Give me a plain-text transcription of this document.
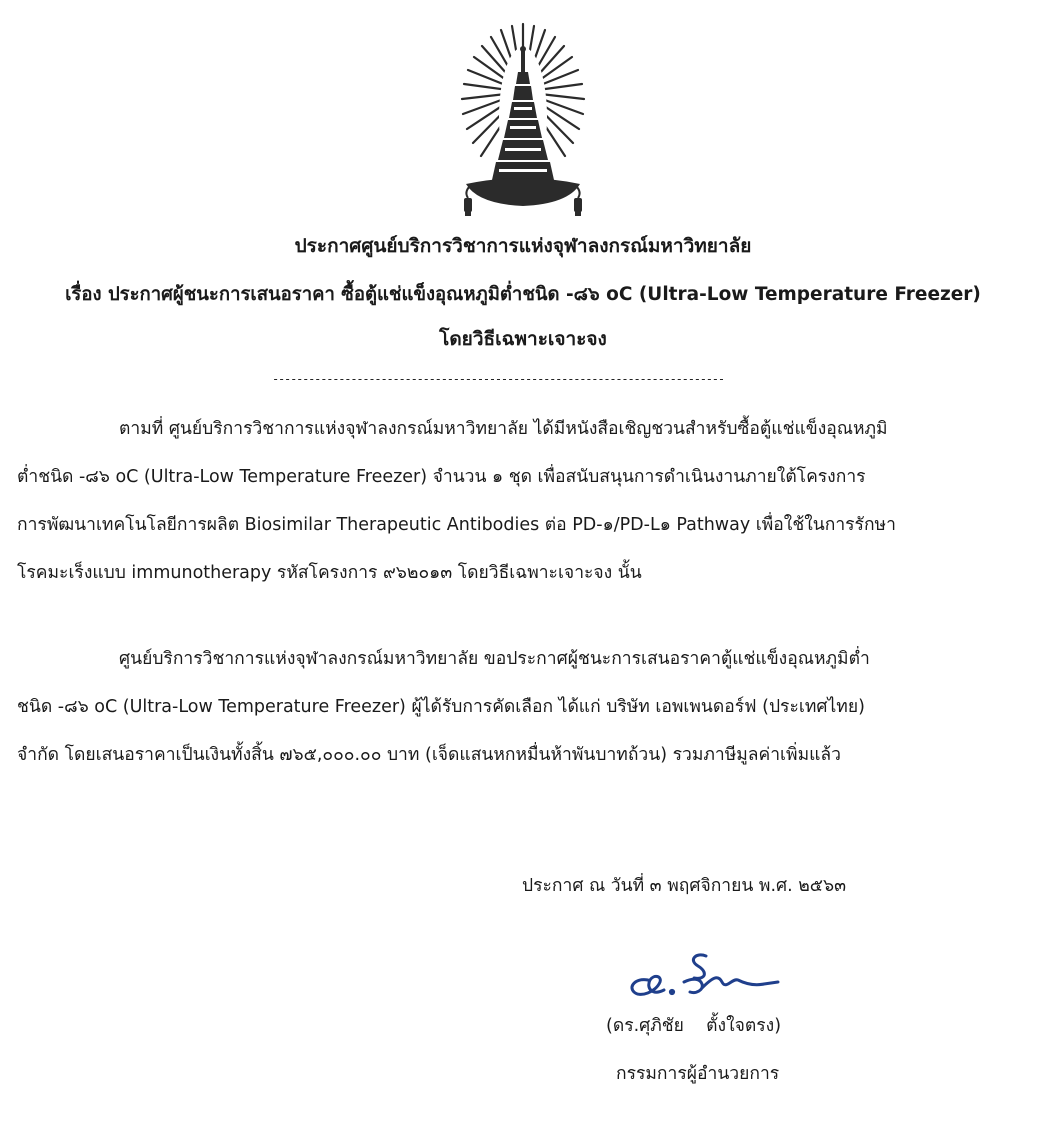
ประกาศศูนย์บริการวิชาการแห่งจุฬาลงกรณ์มหาวิทยาลัย
เรื่อง ประกาศผู้ชนะการเสนอราคา ซื้อตู้แช่แข็งอุณหภูมิต่ำชนิด -๘๖ oC (Ultra-Low Temperature Freezer)
โดยวิธีเฉพาะเจาะจง
---------------------------------------------------------------------------
ตามที่ ศูนย์บริการวิชาการแห่งจุฬาลงกรณ์มหาวิทยาลัย ได้มีหนังสือเชิญชวนสำหรับซื้อตู้แช่แข็งอุณหภูมิ
ต่ำชนิด -๘๖ oC (Ultra-Low Temperature Freezer) จำนวน ๑ ชุด เพื่อสนับสนุนการดำเนินงานภายใต้โครงการ
การพัฒนาเทคโนโลยีการผลิต Biosimilar Therapeutic Antibodies ต่อ PD-๑/PD-L๑ Pathway เพื่อใช้ในการรักษา
โรคมะเร็งแบบ immunotherapy รหัสโครงการ ๙๖๒๐๑๓ โดยวิธีเฉพาะเจาะจง นั้น
ศูนย์บริการวิชาการแห่งจุฬาลงกรณ์มหาวิทยาลัย ขอประกาศผู้ชนะการเสนอราคาตู้แช่แข็งอุณหภูมิต่ำ
ชนิด -๘๖ oC (Ultra-Low Temperature Freezer) ผู้ได้รับการคัดเลือก ได้แก่ บริษัท เอพเพนดอร์ฟ (ประเทศไทย)
จำกัด โดยเสนอราคาเป็นเงินทั้งสิ้น ๗๖๕,๐๐๐.๐๐ บาท (เจ็ดแสนหกหมื่นห้าพันบาทถ้วน) รวมภาษีมูลค่าเพิ่มแล้ว
ประกาศ ณ วันที่ ๓ พฤศจิกายน พ.ศ. ๒๕๖๓
(ดร.ศุภิชัย    ตั้งใจตรง)
กรรมการผู้อำนวยการ
